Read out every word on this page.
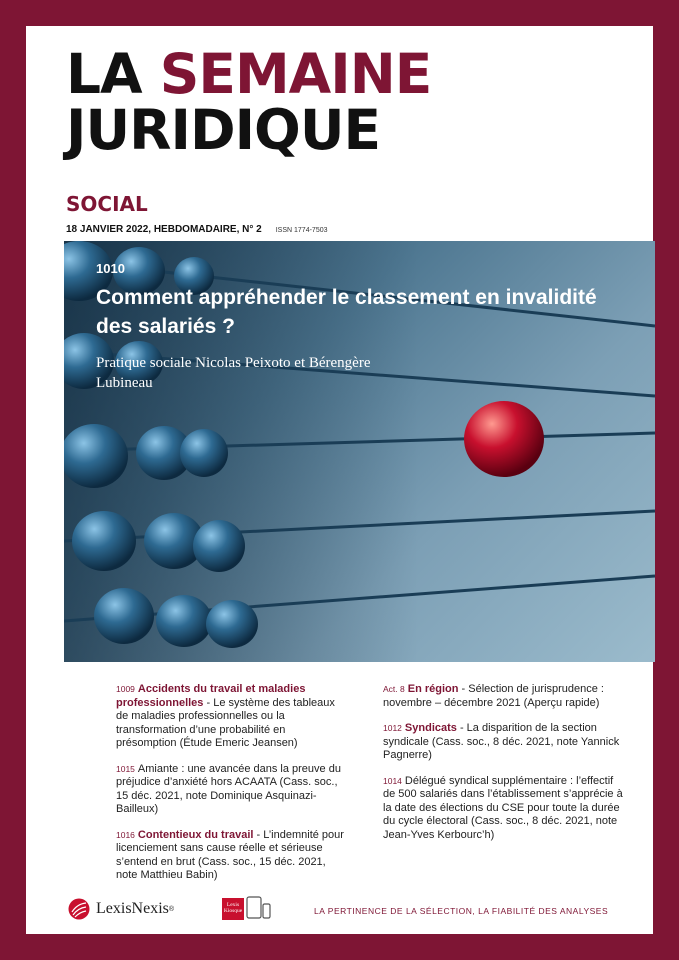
LA SEMAINE
JURIDIQUE
SOCIAL
18 JANVIER 2022, HEBDOMADAIRE, N° 2 ISSN 1774-7503
1010
Comment appréhender le classement en invalidité des salariés ?
Pratique sociale Nicolas Peixoto et Bérengère Lubineau
1009 Accidents du travail et maladies professionnelles - Le système des tableaux de maladies professionnelles ou la transformation d’une probabilité en présomption (Étude Emeric Jeansen)
1015 Amiante : une avancée dans la preuve du préjudice d’anxiété hors ACAATA (Cass. soc., 15 déc. 2021, note Dominique Asquinazi-Bailleux)
1016 Contentieux du travail - L’indemnité pour licenciement sans cause réelle et sérieuse s’entend en brut (Cass. soc., 15 déc. 2021, note Matthieu Babin)
Act. 8 En région - Sélection de jurisprudence : novembre – décembre 2021 (Aperçu rapide)
1012 Syndicats - La disparition de la section syndicale (Cass. soc., 8 déc. 2021, note Yannick Pagnerre)
1014 Délégué syndical supplémentaire : l’effectif de 500 salariés dans l’établissement s’apprécie à la date des élections du CSE pour toute la durée du cycle électoral (Cass. soc., 8 déc. 2021, note Jean-Yves Kerbourc’h)
LexisNexis ®
Lexis
Kiosque	LA PERTINENCE DE LA SÉLECTION, LA FIABILITÉ DES ANALYSES
